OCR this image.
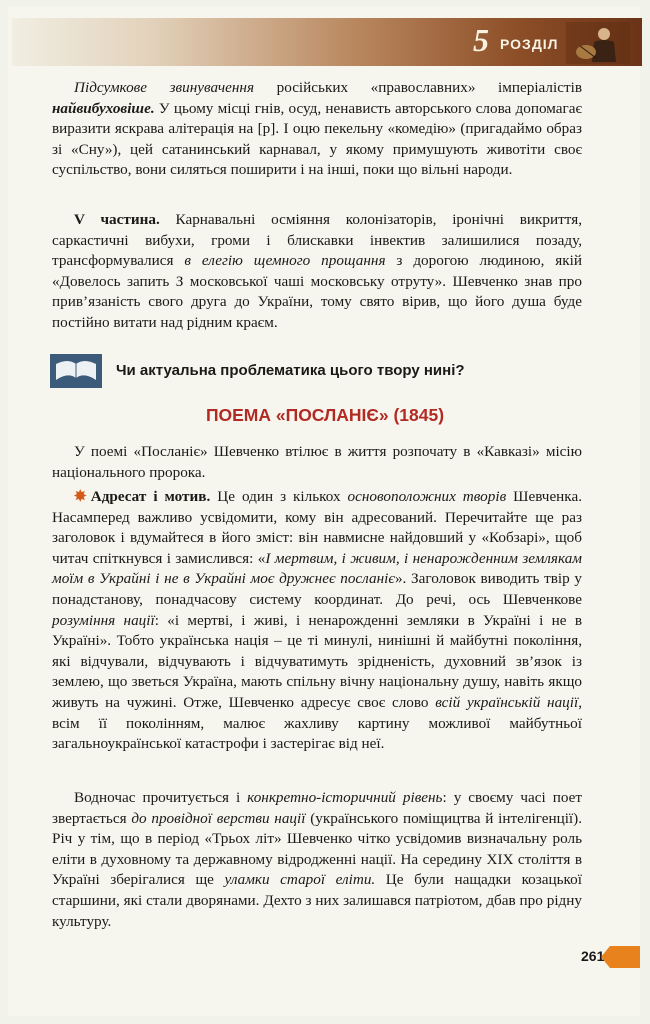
5 РОЗДІЛ

Підсумкове звинувачення російських «православних» імперіалістів найвибуховіше. У цьому місці гнів, осуд, ненависть авторського слова допомагає виразити яскрава алітерація на [р]. І оцю пекельну «комедію» (пригадаймо образ зі «Сну»), цей сатанинський карнавал, у якому примушують животіти своє суспільство, вони силяться поширити і на інші, поки що вільні народи.

V частина. Карнавальні осміяння колонізаторів, іронічні викриття, саркастичні вибухи, громи і блискавки інвектив залишилися позаду, трансформувалися в елегію щемного прощання з дорогою людиною, якій «Довелось запить З московської чаші московську отруту». Шевченко знав про прив’язаність свого друга до України, тому свято вірив, що його душа буде постійно витати над рідним краєм.

Чи актуальна проблематика цього твору нині?
ПОЕМА «ПОСЛАНІЄ» (1845)

У поемі «Посланіє» Шевченко втілює в життя розпочату в «Кавказі» місію національного пророка.

✸ Адресат і мотив. Це один з кількох основоположних творів Шевченка. Насамперед важливо усвідомити, кому він адресований. Перечитайте ще раз заголовок і вдумайтеся в його зміст: він навмисне найдовший у «Кобзарі», щоб читач спіткнувся і замислився: «І мертвим, і живим, і ненарожденним землякам моїм в Украйні і не в Украйні моє дружнеє посланіє». Заголовок виводить твір у понадстанову, понадчасову систему координат. До речі, ось Шевченкове розуміння нації: «і мертві, і живі, і ненарожденні земляки в Україні і не в Україні». Тобто українська нація – це ті минулі, нинішні й майбутні покоління, які відчували, відчувають і відчуватимуть зрідненість, духовний зв’язок із землею, що зветься Україна, мають спільну вічну національну душу, навіть якщо живуть на чужині. Отже, Шевченко адресує своє слово всій українській нації, всім її поколінням, малює жахливу картину можливої майбутньої загальноукраїнської катастрофи і застерігає від неї.

Водночас прочитується і конкретно-історичний рівень: у своєму часі поет звертається до провідної верстви нації (українського поміщицтва й інтелігенції). Річ у тім, що в період «Трьох літ» Шевченко чітко усвідомив визначальну роль еліти в духовному та державному відродженні нації. На середину XIX століття в Україні зберігалися ще уламки старої еліти. Це були нащадки козацької старшини, які стали дворянами. Дехто з них залишався патріотом, дбав про рідну культуру.

261
